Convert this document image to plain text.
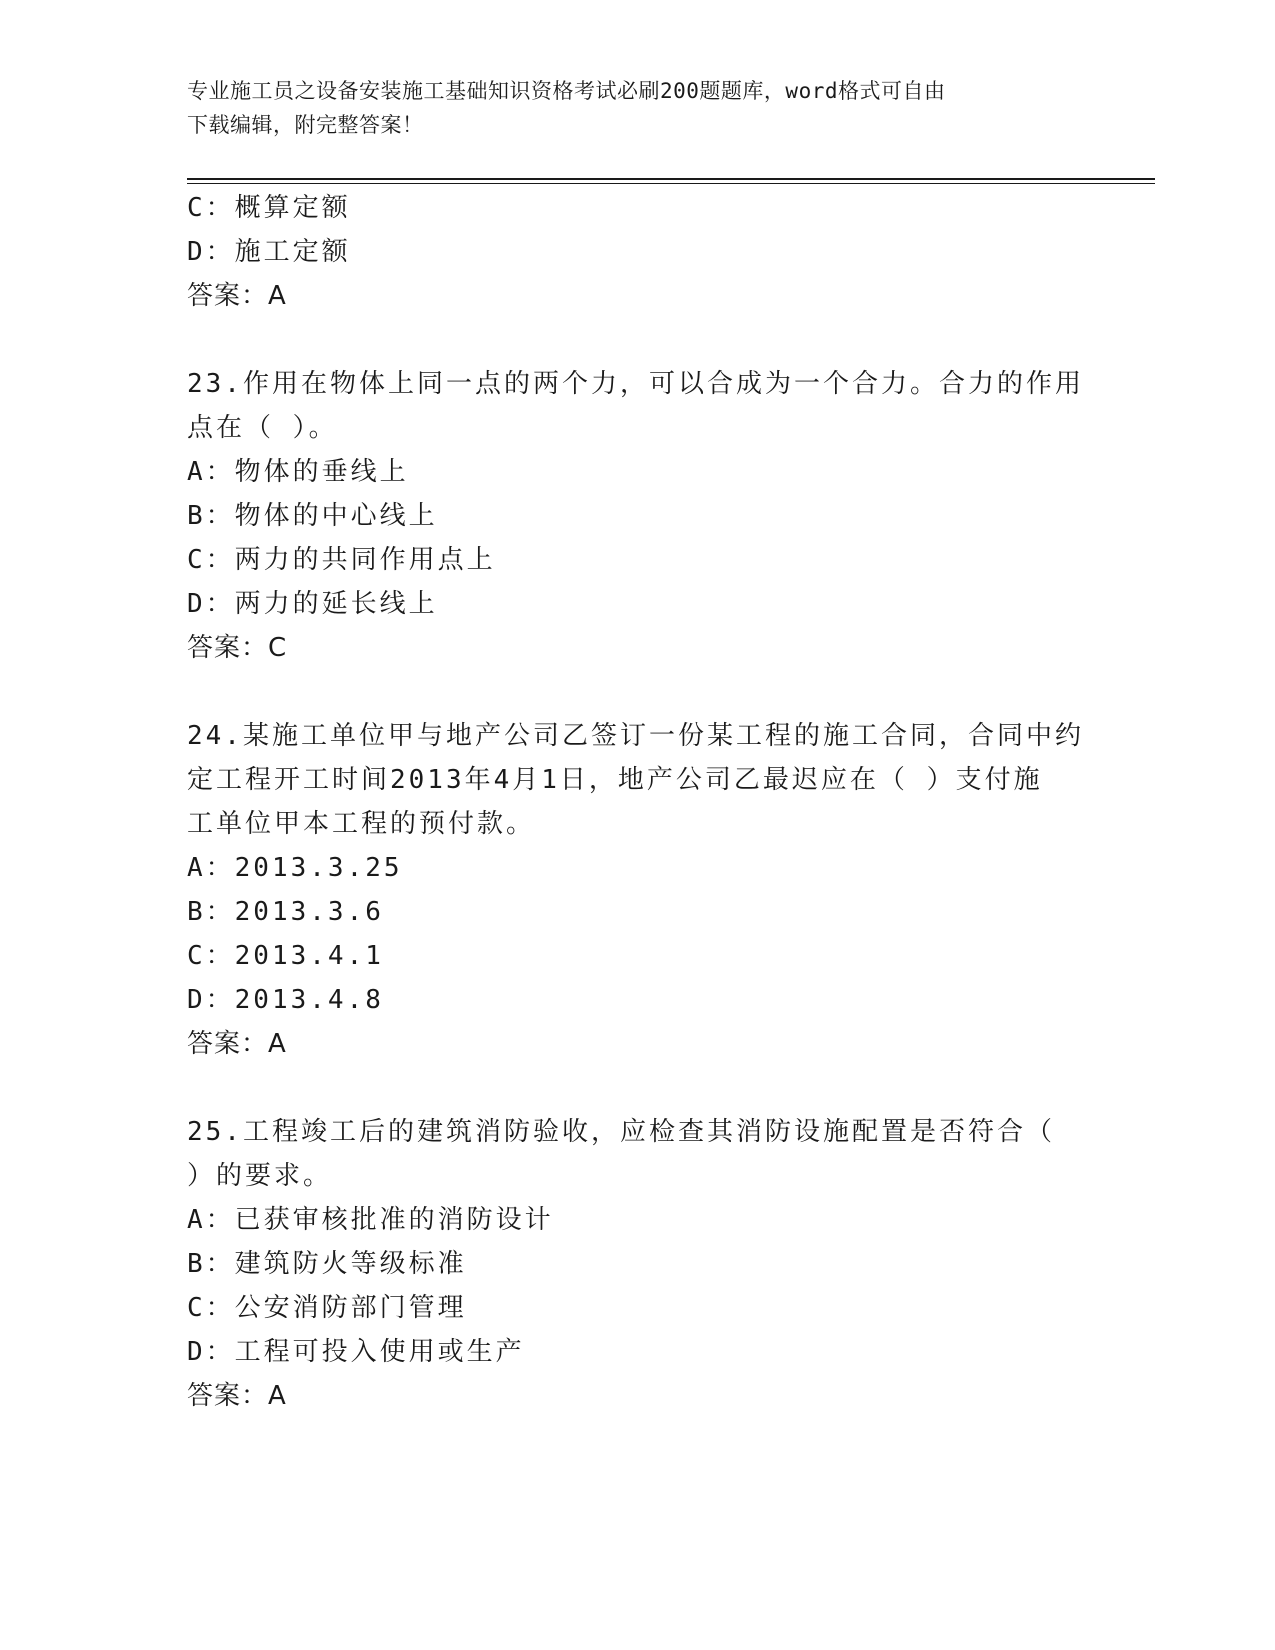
专业施工员之设备安装施工基础知识资格考试必刷200题题库，word格式可自由
下载编辑，附完整答案！
C：概算定额
D：施工定额
答案：A
23.作用在物体上同一点的两个力，可以合成为一个合力。合力的作用
点在（ ）。
A：物体的垂线上
B：物体的中心线上
C：两力的共同作用点上
D：两力的延长线上
答案：C
24.某施工单位甲与地产公司乙签订一份某工程的施工合同，合同中约
定工程开工时间2013年4月1日，地产公司乙最迟应在（ ）支付施
工单位甲本工程的预付款。
A：2013.3.25
B：2013.3.6
C：2013.4.1
D：2013.4.8
答案：A
25.工程竣工后的建筑消防验收，应检查其消防设施配置是否符合（
）的要求。
A：已获审核批准的消防设计
B：建筑防火等级标准
C：公安消防部门管理
D：工程可投入使用或生产
答案：A
